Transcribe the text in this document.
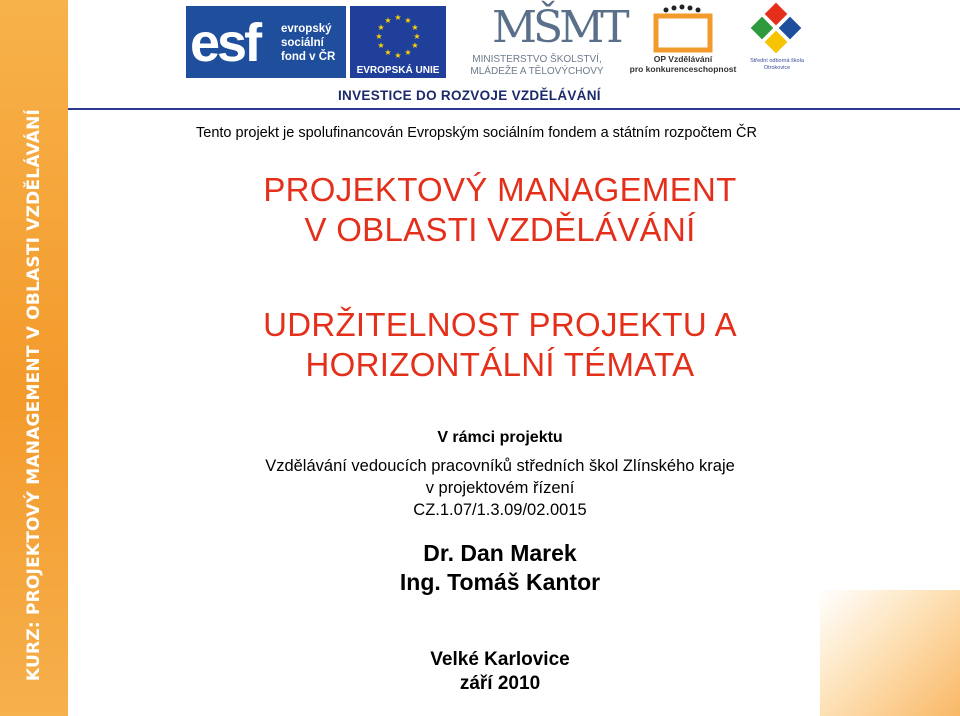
KURZ: PROJEKTOVÝ MANAGEMENT V OBLASTI VZDĚLÁVÁNÍ
esf evropský
sociální
fond v ČR
★ ★
★
★
★
★
★
★
★
★
★
★
EVROPSKÁ UNIE
MŠMT
MINISTERSTVO ŠKOLSTVÍ,
MLÁDEŽE A TĚLOVÝCHOVY
OP Vzdělávání
pro konkurenceschopnost
Střední odborná škola
Otrokovice
INVESTICE DO ROZVOJE VZDĚLÁVÁNÍ
Tento projekt je spolufinancován Evropským sociálním fondem a státním rozpočtem ČR
PROJEKTOVÝ MANAGEMENT
V OBLASTI VZDĚLÁVÁNÍ
UDRŽITELNOST PROJEKTU A
HORIZONTÁLNÍ TÉMATA
V rámci projektu
Vzdělávání vedoucích pracovníků středních škol Zlínského kraje
v projektovém řízení
CZ.1.07/1.3.09/02.0015
Dr. Dan Marek
Ing. Tomáš Kantor
Velké Karlovice
září 2010
